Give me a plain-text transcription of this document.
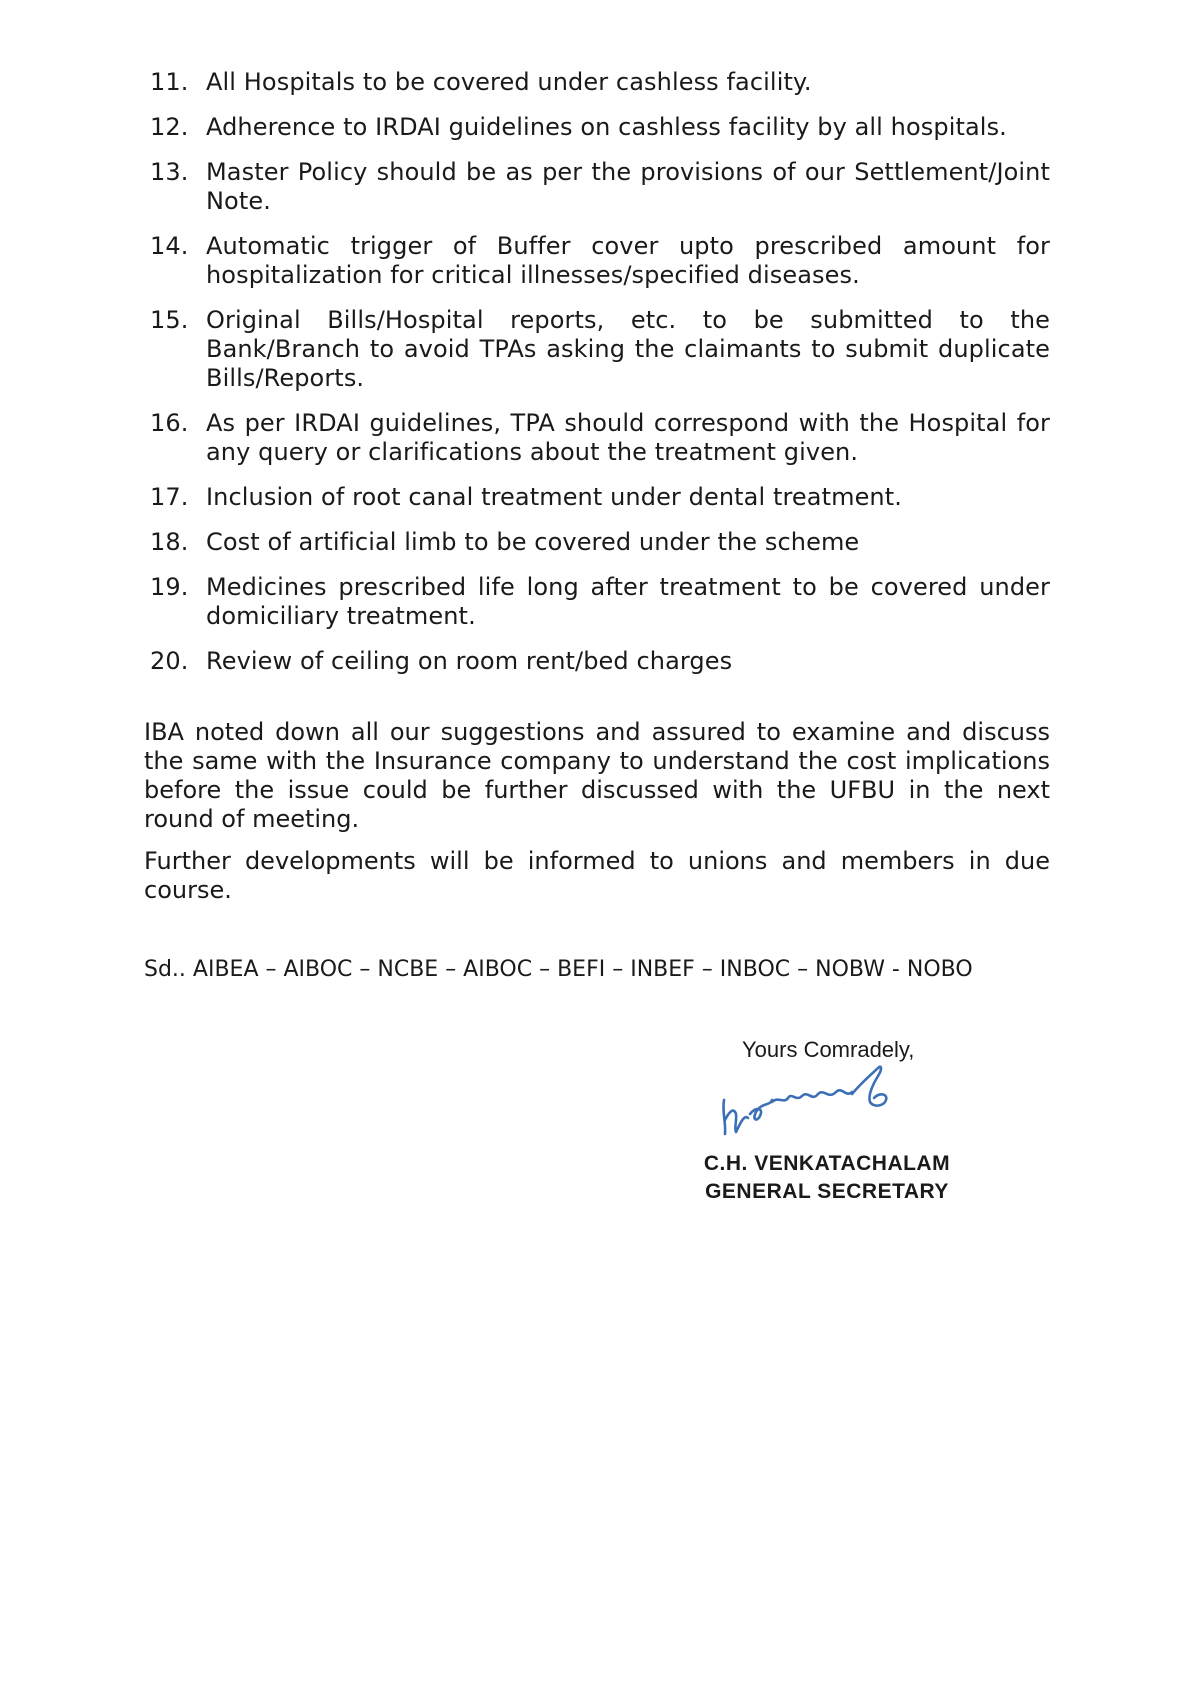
11. All Hospitals to be covered under cashless facility.
12. Adherence to IRDAI guidelines on cashless facility by all hospitals.
13. Master Policy should be as per the provisions of our Settlement/Joint Note.
14. Automatic trigger of Buffer cover upto prescribed amount for hospitalization for critical illnesses/specified diseases.
15. Original Bills/Hospital reports, etc. to be submitted to the Bank/Branch to avoid TPAs asking the claimants to submit duplicate Bills/Reports.
16. As per IRDAI guidelines, TPA should correspond with the Hospital for any query or clarifications about the treatment given.
17. Inclusion of root canal treatment under dental treatment.
18. Cost of artificial limb to be covered under the scheme
19. Medicines prescribed life long after treatment to be covered under domiciliary treatment.
20. Review of ceiling on room rent/bed charges

IBA noted down all our suggestions and assured to examine and discuss the same with the Insurance company to understand the cost implications before the issue could be further discussed with the UFBU in the next round of meeting.

Further developments will be informed to unions and members in due course.

Sd.. AIBEA – AIBOC – NCBE – AIBOC – BEFI – INBEF – INBOC – NOBW - NOBO
Yours Comradely,
C.H. VENKATACHALAM
GENERAL SECRETARY
